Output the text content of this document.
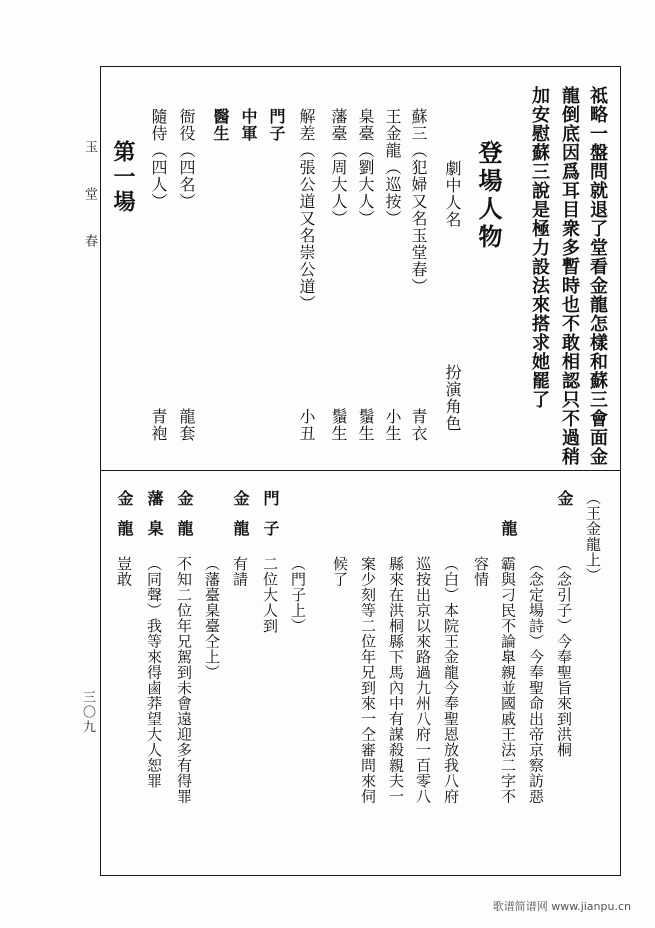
玉堂春
三〇九
祗略一盤問就退了堂看金龍怎樣和蘇三會面金
龍倒底因爲耳目衆多暫時也不敢相認只不過稍
加安慰蘇三說是極力設法來搭求她罷了
登場人物
劇中人名
扮演角色
蘇三（犯婦又名玉堂春）
王金龍（巡按）
臬臺（劉大人）
藩臺（周大人）
解差（張公道又名崇公道）
門子
中軍
醫生
衙役（四名）
隨侍（四人）
青衣
小生
鬚生
鬚生
小丑
龍套
青袍
第一場
（王金龍上）
金
（念引子）今奉聖旨來到洪桐
（念定場詩）今奉聖命出帝京察訪惡
龍
霸與刁民不論臯親並國戚王法二字不
容情
（白）本院王金龍今奉聖恩放我八府
巡按出京以來路過九州八府一百零八
縣來在洪桐縣下馬內中有謀殺親夫一
案少刻等二位年兄到來一仝審問來伺
候了
門
子
（門子上）
二位大人到
金
龍
有請
（藩臺臬臺仝上）
金
龍
不知二位年兄駕到未會遠迎多有得罪
藩
臬
（同聲）我等來得鹵莽望大人恕罪
金
龍
豈敢
歌谱简谱网 www.jianpu.cn
